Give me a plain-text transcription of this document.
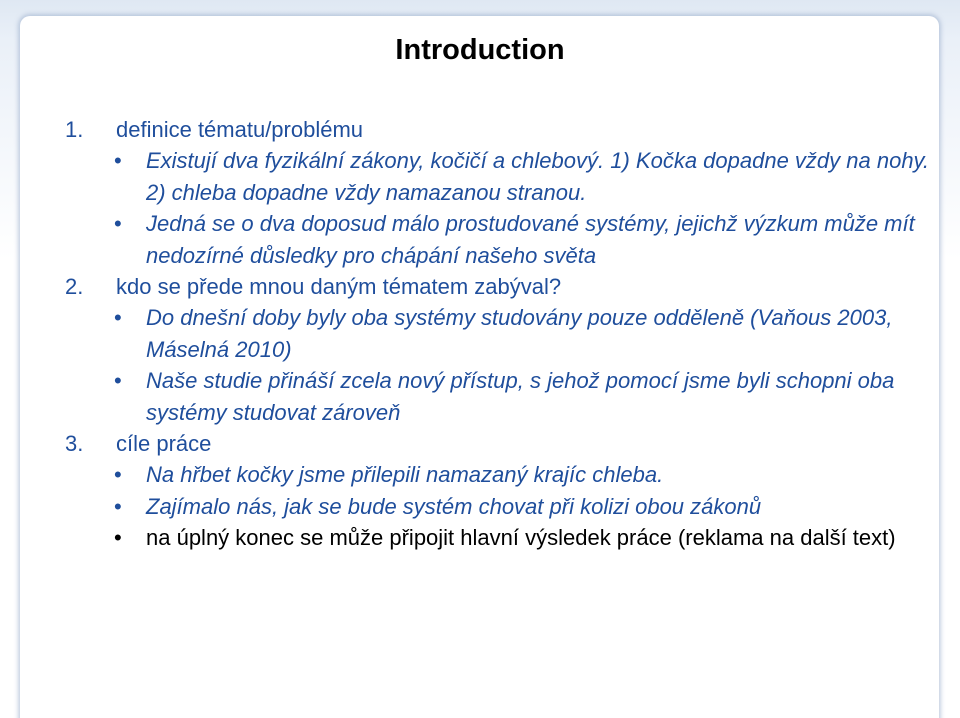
Introduction
1. definice tématu/problému
• Existují dva fyzikální zákony, kočičí a chlebový. 1) Kočka dopadne vždy na nohy. 2) chleba dopadne vždy namazanou stranou.
• Jedná se o dva doposud málo prostudované systémy, jejichž výzkum může mít nedozírné důsledky pro chápání našeho světa
2. kdo se přede mnou daným tématem zabýval?
• Do dnešní doby byly oba systémy studovány pouze odděleně (Vaňous 2003, Máselná 2010)
• Naše studie přináší zcela nový přístup, s jehož pomocí jsme byli schopni oba systémy studovat zároveň
3. cíle práce
• Na hřbet kočky jsme přilepili namazaný krajíc chleba.
• Zajímalo nás, jak se bude systém chovat při kolizi obou zákonů
• na úplný konec se může připojit hlavní výsledek práce (reklama na další text)
